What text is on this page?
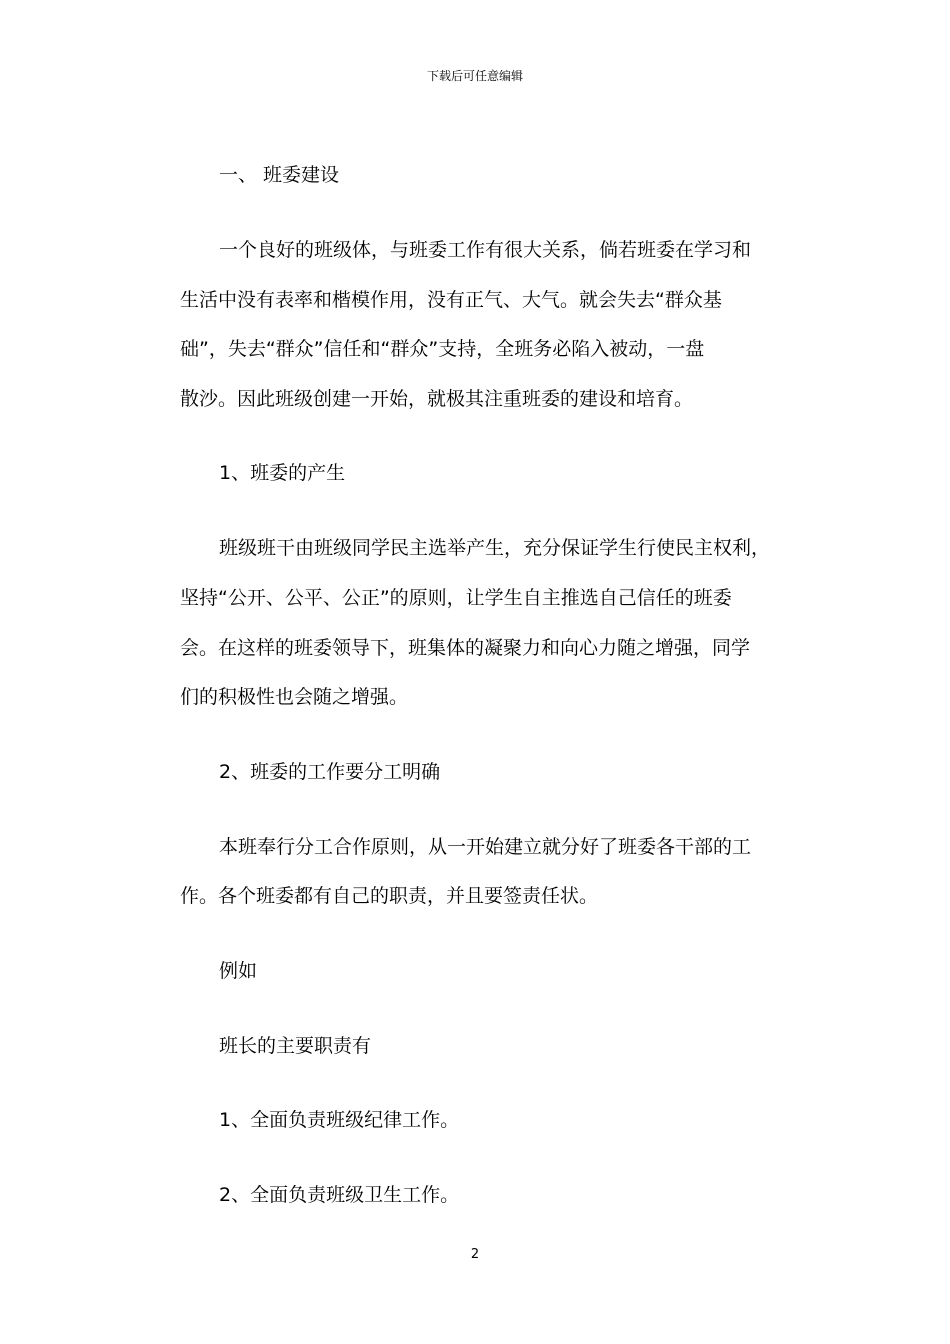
下载后可任意编辑
一、 班委建设
一个良好的班级体，与班委工作有很大关系，倘若班委在学习和
生活中没有表率和楷模作用，没有正气、大气。就会失去“群众基
础”，失去“群众”信任和“群众”支持，全班务必陷入被动，一盘
散沙。因此班级创建一开始，就极其注重班委的建设和培育。
1、班委的产生
班级班干由班级同学民主选举产生，充分保证学生行使民主权利，
坚持“公开、公平、公正”的原则，让学生自主推选自己信任的班委
会。在这样的班委领导下，班集体的凝聚力和向心力随之增强，同学
们的积极性也会随之增强。
2、班委的工作要分工明确
本班奉行分工合作原则，从一开始建立就分好了班委各干部的工
作。各个班委都有自己的职责，并且要签责任状。
例如
班长的主要职责有
1、全面负责班级纪律工作。
2、全面负责班级卫生工作。
2
